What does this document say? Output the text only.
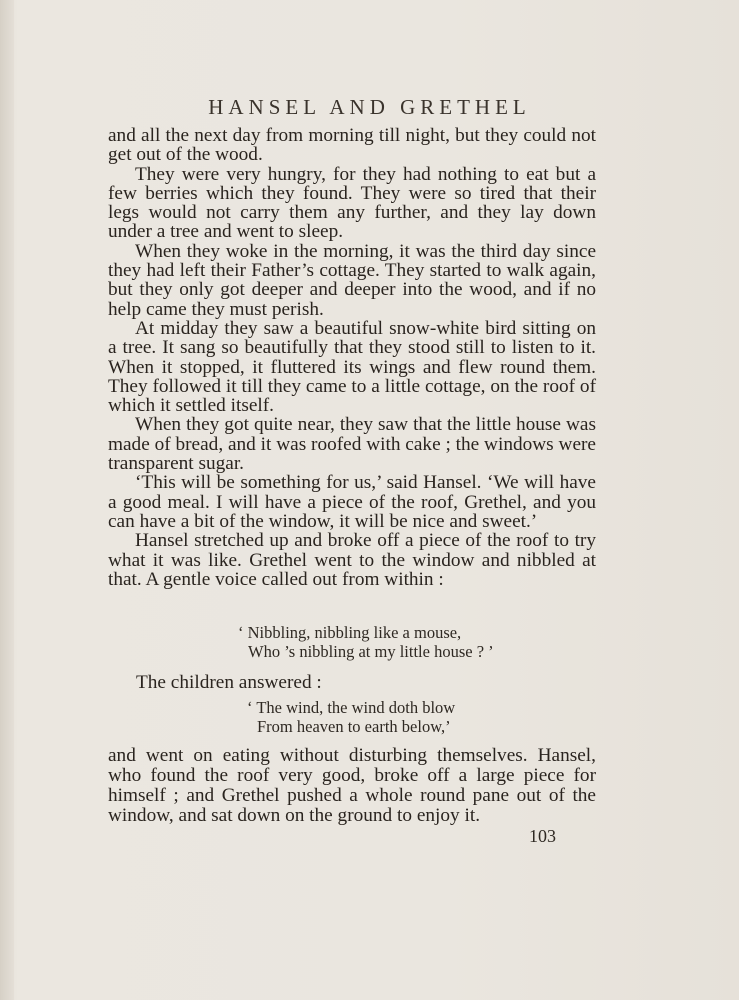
HANSEL AND GRETHEL

and all the next day from morning till night, but they could not get out of the wood.

They were very hungry, for they had nothing to eat but a few berries which they found. They were so tired that their legs would not carry them any further, and they lay down under a tree and went to sleep.

When they woke in the morning, it was the third day since they had left their Father’s cottage. They started to walk again, but they only got deeper and deeper into the wood, and if no help came they must perish.

At midday they saw a beautiful snow-white bird sitting on a tree. It sang so beautifully that they stood still to listen to it. When it stopped, it fluttered its wings and flew round them. They followed it till they came to a little cottage, on the roof of which it settled itself.

When they got quite near, they saw that the little house was made of bread, and it was roofed with cake ; the windows were transparent sugar.

‘This will be something for us,’ said Hansel. ‘We will have a good meal. I will have a piece of the roof, Grethel, and you can have a bit of the window, it will be nice and sweet.’

Hansel stretched up and broke off a piece of the roof to try what it was like. Grethel went to the window and nibbled at that. A gentle voice called out from within :

‘ Nibbling, nibbling like a mouse,
Who ’s nibbling at my little house ? ’
The children answered :
‘ The wind, the wind doth blow
From heaven to earth below,’
and went on eating without disturbing themselves. Hansel, who found the roof very good, broke off a large piece for himself ; and Grethel pushed a whole round pane out of the window, and sat down on the ground to enjoy it.
103
